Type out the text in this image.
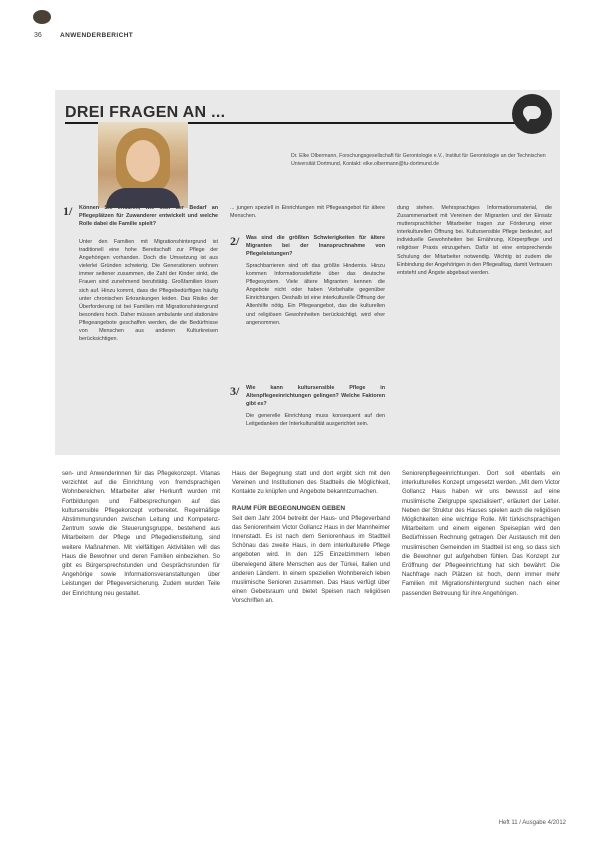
36	ANWENDERBERICHT
DREI FRAGEN AN ...
Dr. Elke Olbermann, Forschungsgesellschaft für Gerontologie e.V., Institut für Gerontologie an der Technischen Universität Dortmund, Kontakt: elke.olbermann@tu-dortmund.de
1/ Können Sie erklären, wie sich der Bedarf an Pflegeplätzen für Zuwanderer entwickelt und welche Rolle dabei die Familie spielt?
Unter den Familien mit Migrationshintergrund ist traditionell eine hohe Bereitschaft zur Pflege der Angehörigen vorhanden. Doch die Umsetzung ist aus vielerlei Gründen schwierig. Die Generationen wohnen immer seltener zusammen, die Zahl der Kinder sinkt, die Frauen sind zunehmend berufstätig. Großfamilien lösen sich auf. Hinzu kommt, dass die Pflegebedürftigen häufig unter chronischen Erkrankungen leiden. Das Risiko der Überforderung ist bei Familien mit Migrationshintergrund besonders hoch. Daher müssen ambulante und stationäre Pflegeangebote geschaffen werden, die die Bedürfnisse von Menschen aus anderen Kulturkreisen berücksichtigen.
... jungen speziell in Einrichtungen mit Pflegeangebot für ältere Menschen.
2/ Was sind die größten Schwierigkeiten für ältere Migranten bei der Inanspruchnahme von Pflegeleistungen?
Sprachbarrieren sind oft das größte Hindernis. Hinzu kommen Informationsdefizite über das deutsche Pflegesystem. Viele ältere Migranten kennen die Angebote nicht oder haben Vorbehalte gegenüber Einrichtungen. Deshalb ist eine interkulturelle Öffnung der Altenhilfe nötig. Ein Pflegeangebot, das die kulturellen und religiösen Gewohnheiten berücksichtigt, wird eher angenommen.
3/ Wie kann kultursensible Pflege in Altenpflegeeinrichtungen gelingen? Welche Faktoren gibt es?
Die generelle Einrichtung muss konsequent auf den Leitgedanken der Interkulturalität ausgerichtet sein.
dung stehen. Mehrsprachiges Informationsmaterial, die Zusammenarbeit mit Vereinen der Migranten und der Einsatz muttersprachlicher Mitarbeiter tragen zur Förderung einer interkulturellen Öffnung bei. Kultursensible Pflege bedeutet, auf individuelle Gewohnheiten bei Ernährung, Körperpflege und religiöser Praxis einzugehen. Dafür ist eine entsprechende Schulung der Mitarbeiter notwendig. Wichtig ist zudem die Einbindung der Angehörigen in den Pflegealltag, damit Vertrauen entsteht und Ängste abgebaut werden.
sen- und Anwenderinnen für das Pflegekonzept. Vitanas verzichtet auf die Einrichtung von fremdsprachigen Wohnbereichen. Mitarbeiter aller Herkunft wurden mit Fortbildungen und Fallbesprechungen auf das kultursensible Pflegekonzept vorbereitet. Regelmäßige Abstimmungsrunden zwischen Leitung und Kompetenz-Zentrum sowie die Steuerungsgruppe, bestehend aus Mitarbeitern der Pflege und Pflegedienstleitung, sind weitere Maßnahmen. Mit vielfältigen Aktivitäten will das Haus die Bewohner und deren Familien einbeziehen. So gibt es Bürgersprechstunden und Gesprächsrunden für Angehörige sowie Informationsveranstaltungen über Leistungen der Pflegeversicherung. Zudem wurden Teile der Einrichtung neu gestaltet.
Haus der Begegnung statt und dort ergibt sich mit den Vereinen und Institutionen des Stadtteils die Möglichkeit, Kontakte zu knüpfen und Angebote bekanntzumachen.
RAUM FÜR BEGEGNUNGEN GEBEN
Seit dem Jahr 2004 betreibt der Haus- und Pflegeverband das Seniorenheim Victor Gollancz Haus in der Mannheimer Innenstadt. Es ist nach dem Seniorenhaus im Stadtteil Schönau das zweite Haus, in dem interkulturelle Pflege angeboten wird. In den 125 Einzelzimmern leben überwiegend ältere Menschen aus der Türkei, Italien und anderen Ländern. In einem speziellen Wohnbereich leben muslimische Senioren zusammen. Das Haus verfügt über einen Gebetsraum und bietet Speisen nach religiösen Vorschriften an.
Seniorenpflegeeinrichtungen. Dort soll ebenfalls ein interkulturelles Konzept umgesetzt werden. „Mit dem Victor Gollancz Haus haben wir uns bewusst auf eine muslimische Zielgruppe spezialisiert“, erläutert der Leiter. Neben der Struktur des Hauses spielen auch die religiösen Möglichkeiten eine wichtige Rolle. Mit türkischsprachigen Mitarbeitern und einem eigenen Speiseplan wird den Bedürfnissen Rechnung getragen. Der Austausch mit den muslimischen Gemeinden im Stadtteil ist eng, so dass sich die Bewohner gut aufgehoben fühlen. Das Konzept zur Eröffnung der Pflegeeinrichtung hat sich bewährt: Die Nachfrage nach Plätzen ist hoch, denn immer mehr Familien mit Migrationshintergrund suchen nach einer passenden Betreuung für ihre Angehörigen.
Heft 11 / Ausgabe 4/2012
